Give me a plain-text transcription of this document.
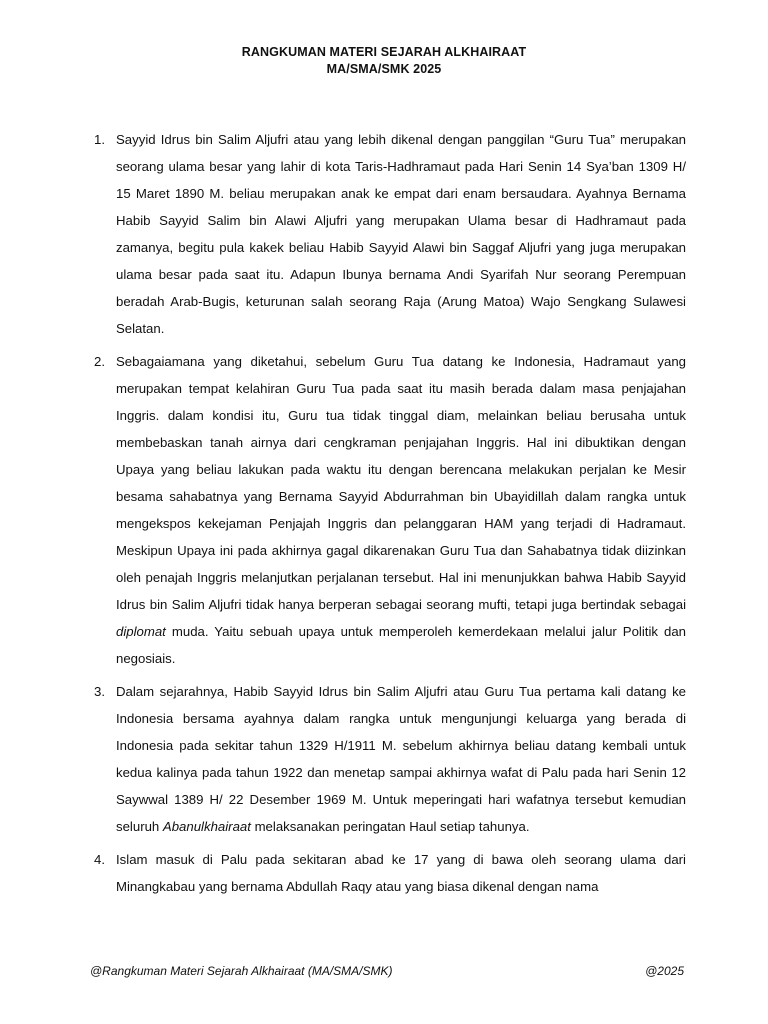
RANGKUMAN MATERI SEJARAH ALKHAIRAAT
MA/SMA/SMK 2025
1. Sayyid Idrus bin Salim Aljufri atau yang lebih dikenal dengan panggilan “Guru Tua” merupakan seorang ulama besar yang lahir di kota Taris-Hadhramaut pada Hari Senin 14 Sya’ban 1309 H/ 15 Maret 1890 M. beliau merupakan anak ke empat dari enam bersaudara. Ayahnya Bernama Habib Sayyid Salim bin Alawi Aljufri yang merupakan Ulama besar di Hadhramaut pada zamanya, begitu pula kakek beliau Habib Sayyid Alawi bin Saggaf Aljufri yang juga merupakan ulama besar pada saat itu. Adapun Ibunya bernama Andi Syarifah Nur seorang Perempuan beradah Arab-Bugis, keturunan salah seorang Raja (Arung Matoa) Wajo Sengkang Sulawesi Selatan.

2. Sebagaiamana yang diketahui, sebelum Guru Tua datang ke Indonesia, Hadramaut yang merupakan tempat kelahiran Guru Tua pada saat itu masih berada dalam masa penjajahan Inggris. dalam kondisi itu, Guru tua tidak tinggal diam, melainkan beliau berusaha untuk membebaskan tanah airnya dari cengkraman penjajahan Inggris. Hal ini dibuktikan dengan Upaya yang beliau lakukan pada waktu itu dengan berencana melakukan perjalan ke Mesir besama sahabatnya yang Bernama Sayyid Abdurrahman bin Ubayidillah dalam rangka untuk mengekspos kekejaman Penjajah Inggris dan pelanggaran HAM yang terjadi di Hadramaut. Meskipun Upaya ini pada akhirnya gagal dikarenakan Guru Tua dan Sahabatnya tidak diizinkan oleh penajah Inggris melanjutkan perjalanan tersebut. Hal ini menunjukkan bahwa Habib Sayyid Idrus bin Salim Aljufri tidak hanya berperan sebagai seorang mufti, tetapi juga bertindak sebagai diplomat muda. Yaitu sebuah upaya untuk memperoleh kemerdekaan melalui jalur Politik dan negosiais.

3. Dalam sejarahnya, Habib Sayyid Idrus bin Salim Aljufri atau Guru Tua pertama kali datang ke Indonesia bersama ayahnya dalam rangka untuk mengunjungi keluarga yang berada di Indonesia pada sekitar tahun 1329 H/1911 M. sebelum akhirnya beliau datang kembali untuk kedua kalinya pada tahun 1922 dan menetap sampai akhirnya wafat di Palu pada hari Senin 12 Saywwal 1389 H/ 22 Desember 1969 M. Untuk meperingati hari wafatnya tersebut kemudian seluruh Abanulkhairaat melaksanakan peringatan Haul setiap tahunya.

4. Islam masuk di Palu pada sekitaran abad ke 17 yang di bawa oleh seorang ulama dari Minangkabau yang bernama Abdullah Raqy atau yang biasa dikenal dengan nama

@Rangkuman Materi Sejarah Alkhairaat (MA/SMA/SMK)	@2025
